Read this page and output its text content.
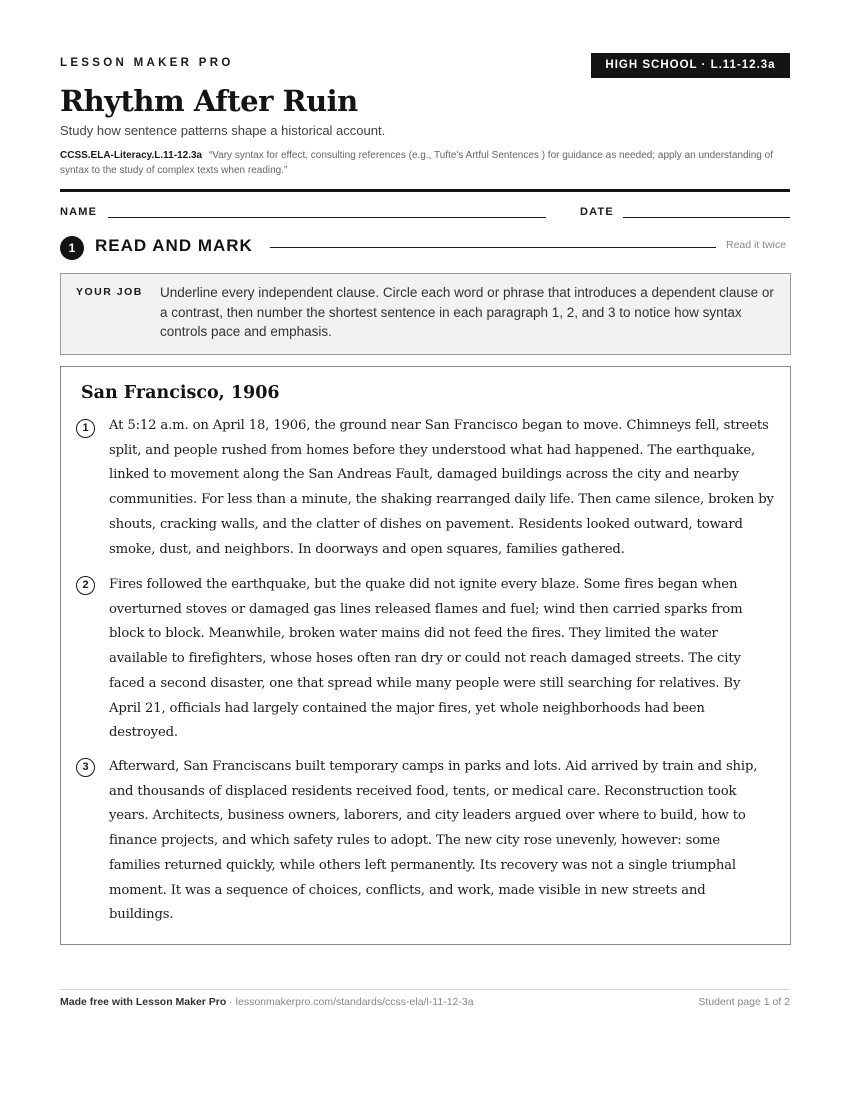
LESSON MAKER PRO	HIGH SCHOOL · L.11-12.3a
Rhythm After Ruin
Study how sentence patterns shape a historical account.
CCSS.ELA-Literacy.L.11-12.3a “Vary syntax for effect, consulting references (e.g., Tufte's Artful Sentences ) for guidance as needed; apply an understanding of syntax to the study of complex texts when reading.”
NAME	DATE
1	READ AND MARK	Read it twice
YOUR JOB Underline every independent clause. Circle each word or phrase that introduces a dependent clause or a contrast, then number the shortest sentence in each paragraph 1, 2, and 3 to notice how syntax controls pace and emphasis.
San Francisco, 1906
1	At 5:12 a.m. on April 18, 1906, the ground near San Francisco began to move. Chimneys fell, streets split, and people rushed from homes before they understood what had happened. The earthquake, linked to movement along the San Andreas Fault, damaged buildings across the city and nearby communities. For less than a minute, the shaking rearranged daily life. Then came silence, broken by shouts, cracking walls, and the clatter of dishes on pavement. Residents looked outward, toward smoke, dust, and neighbors. In doorways and open squares, families gathered.

2	Fires followed the earthquake, but the quake did not ignite every blaze. Some fires began when overturned stoves or damaged gas lines released flames and fuel; wind then carried sparks from block to block. Meanwhile, broken water mains did not feed the fires. They limited the water available to firefighters, whose hoses often ran dry or could not reach damaged streets. The city faced a second disaster, one that spread while many people were still searching for relatives. By April 21, officials had largely contained the major fires, yet whole neighborhoods had been destroyed.

3	Afterward, San Franciscans built temporary camps in parks and lots. Aid arrived by train and ship, and thousands of displaced residents received food, tents, or medical care. Reconstruction took years. Architects, business owners, laborers, and city leaders argued over where to build, how to finance projects, and which safety rules to adopt. The new city rose unevenly, however: some families returned quickly, while others left permanently. Its recovery was not a single triumphal moment. It was a sequence of choices, conflicts, and work, made visible in new streets and buildings.

Made free with Lesson Maker Pro · lessonmakerpro.com/standards/ccss-ela/l-11-12-3a	Student page 1 of 2
